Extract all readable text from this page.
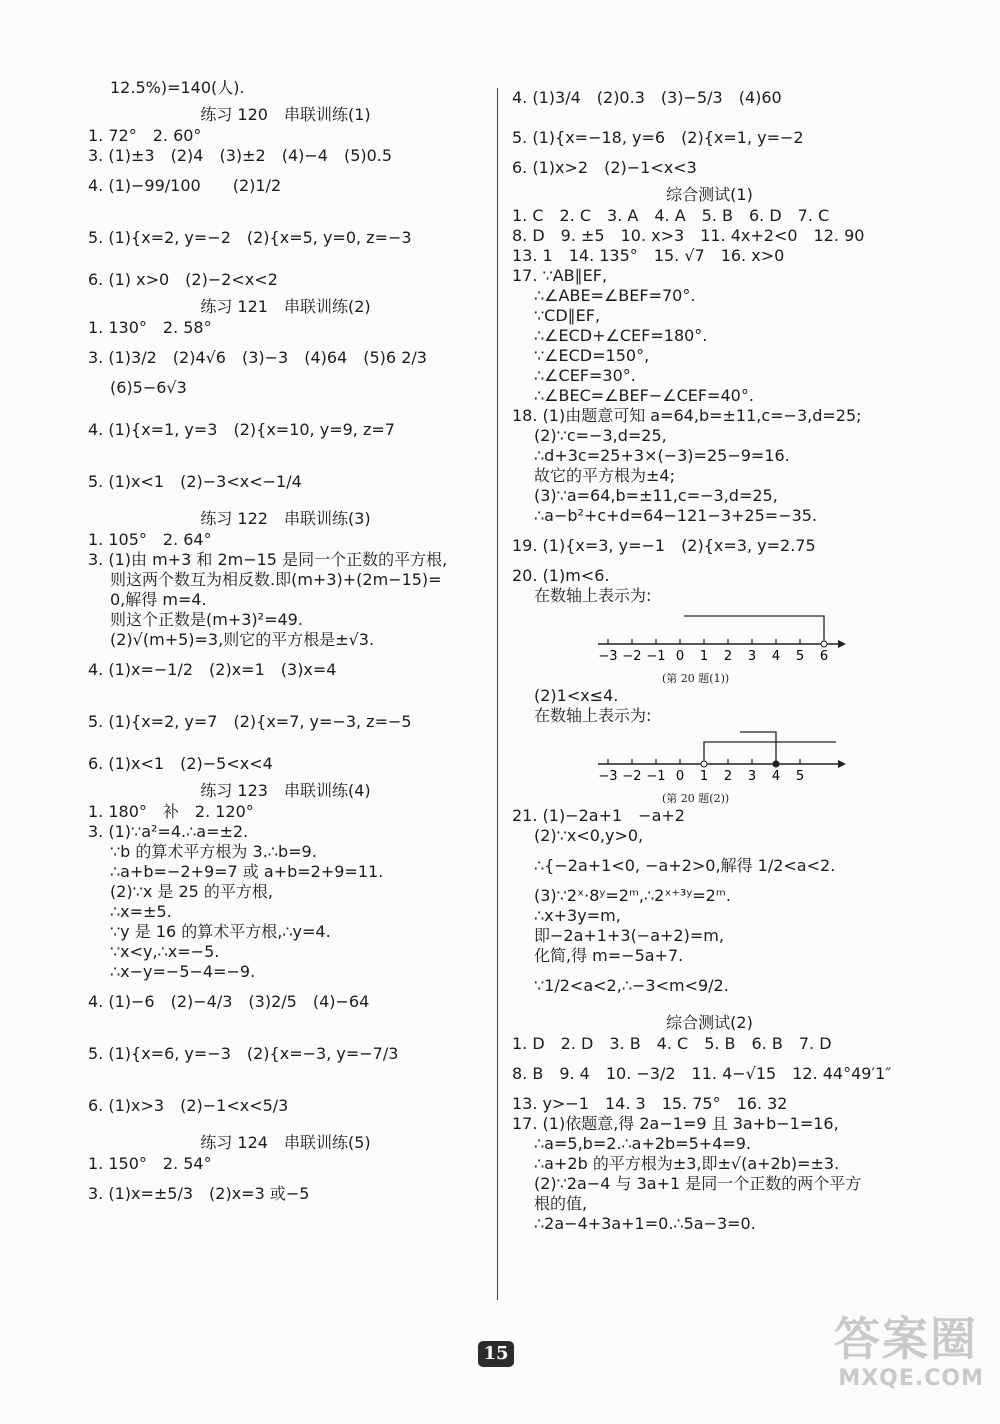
12.5%)=140(人).
练习 120　串联训练(1)
1. 72°　2. 60°
3. (1)±3　(2)4　(3)±2　(4)−4　(5)0.5
4. (1)−99/100　　(2)1/2
5. (1){x=2, y=−2　(2){x=5, y=0, z=−3
6. (1) x>0　(2)−2<x<2
练习 121　串联训练(2)
1. 130°　2. 58°
3. (1)3/2　(2)4√6　(3)−3　(4)64　(5)6 2/3
(6)5−6√3
4. (1){x=1, y=3　(2){x=10, y=9, z=7
5. (1)x<1　(2)−3<x<−1/4
练习 122　串联训练(3)
1. 105°　2. 64°
3. (1)由 m+3 和 2m−15 是同一个正数的平方根,
则这两个数互为相反数.即(m+3)+(2m−15)=
0,解得 m=4.
则这个正数是(m+3)²=49.
(2)√(m+5)=3,则它的平方根是±√3.
4. (1)x=−1/2　(2)x=1　(3)x=4
5. (1){x=2, y=7　(2){x=7, y=−3, z=−5
6. (1)x<1　(2)−5<x<4
练习 123　串联训练(4)
1. 180°　补　2. 120°
3. (1)∵a²=4.∴a=±2.
∵b 的算术平方根为 3.∴b=9.
∴a+b=−2+9=7 或 a+b=2+9=11.
(2)∵x 是 25 的平方根,
∴x=±5.
∵y 是 16 的算术平方根,∴y=4.
∵x<y,∴x=−5.
∴x−y=−5−4=−9.
4. (1)−6　(2)−4/3　(3)2/5　(4)−64
5. (1){x=6, y=−3　(2){x=−3, y=−7/3
6. (1)x>3　(2)−1<x<5/3
练习 124　串联训练(5)
1. 150°　2. 54°
3. (1)x=±5/3　(2)x=3 或−5
4. (1)3/4　(2)0.3　(3)−5/3　(4)60
5. (1){x=−18, y=6　(2){x=1, y=−2
6. (1)x>2　(2)−1<x<3
综合测试(1)
1. C　2. C　3. A　4. A　5. B　6. D　7. C
8. D　9. ±5　10. x>3　11. 4x+2<0　12. 90
13. 1　14. 135°　15. √7　16. x>0
17. ∵AB∥EF,
∴∠ABE=∠BEF=70°.
∵CD∥EF,
∴∠ECD+∠CEF=180°.
∵∠ECD=150°,
∴∠CEF=30°.
∴∠BEC=∠BEF−∠CEF=40°.
18. (1)由题意可知 a=64,b=±11,c=−3,d=25;
(2)∵c=−3,d=25,
∴d+3c=25+3×(−3)=25−9=16.
故它的平方根为±4;
(3)∵a=64,b=±11,c=−3,d=25,
∴a−b²+c+d=64−121−3+25=−35.
19. (1){x=3, y=−1　(2){x=3, y=2.75
20. (1)m<6.
在数轴上表示为:
−3 −2 −1 0 1 2 3 4 5 6
(第 20 题(1))
(2)1<x≤4.
在数轴上表示为:
−3 −2 −1 0 1 2 3 4 5
(第 20 题(2))
21. (1)−2a+1　−a+2
(2)∵x<0,y>0,
∴{−2a+1<0, −a+2>0,解得 1/2<a<2.
(3)∵2ˣ·8ʸ=2ᵐ,∴2ˣ⁺³ʸ=2ᵐ.
∴x+3y=m,
即−2a+1+3(−a+2)=m,
化简,得 m=−5a+7.
∵1/2<a<2,∴−3<m<9/2.
综合测试(2)
1. D　2. D　3. B　4. C　5. B　6. B　7. D
8. B　9. 4　10. −3/2　11. 4−√15　12. 44°49′1″
13. y>−1　14. 3　15. 75°　16. 32
17. (1)依题意,得 2a−1=9 且 3a+b−1=16,
∴a=5,b=2.∴a+2b=5+4=9.
∴a+2b 的平方根为±3,即±√(a+2b)=±3.
(2)∵2a−4 与 3a+1 是同一个正数的两个平方
根的值,
∴2a−4+3a+1=0.∴5a−3=0.
15	答案圈
MXQE.COM
